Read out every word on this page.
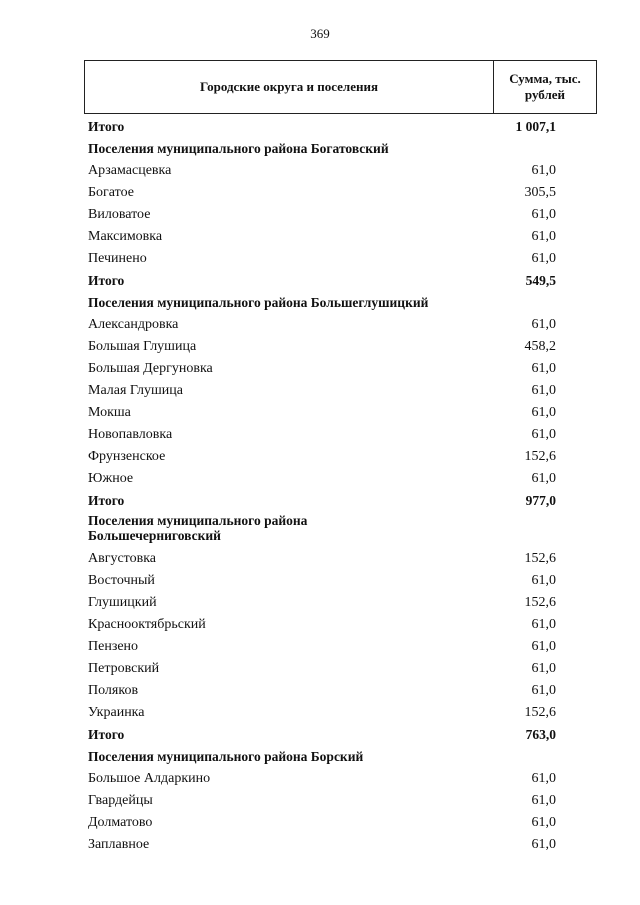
369
Городские округа и поселения
Сумма, тыс.
рублей
Итого	1 007,1
Поселения муниципального района Богатовский
Арзамасцевка	61,0
Богатое	305,5
Виловатое	61,0
Максимовка	61,0
Печинено	61,0
Итого	549,5
Поселения муниципального района Большеглушицкий
Александровка	61,0
Большая Глушица	458,2
Большая Дергуновка	61,0
Малая Глушица	61,0
Мокша	61,0
Новопавловка	61,0
Фрунзенское	152,6
Южное	61,0
Итого	977,0
Поселения муниципального района Большечерниговский
Августовка	152,6
Восточный	61,0
Глушицкий	152,6
Краснооктябрьский	61,0
Пензено	61,0
Петровский	61,0
Поляков	61,0
Украинка	152,6
Итого	763,0
Поселения муниципального района Борский
Большое Алдаркино	61,0
Гвардейцы	61,0
Долматово	61,0
Заплавное	61,0
